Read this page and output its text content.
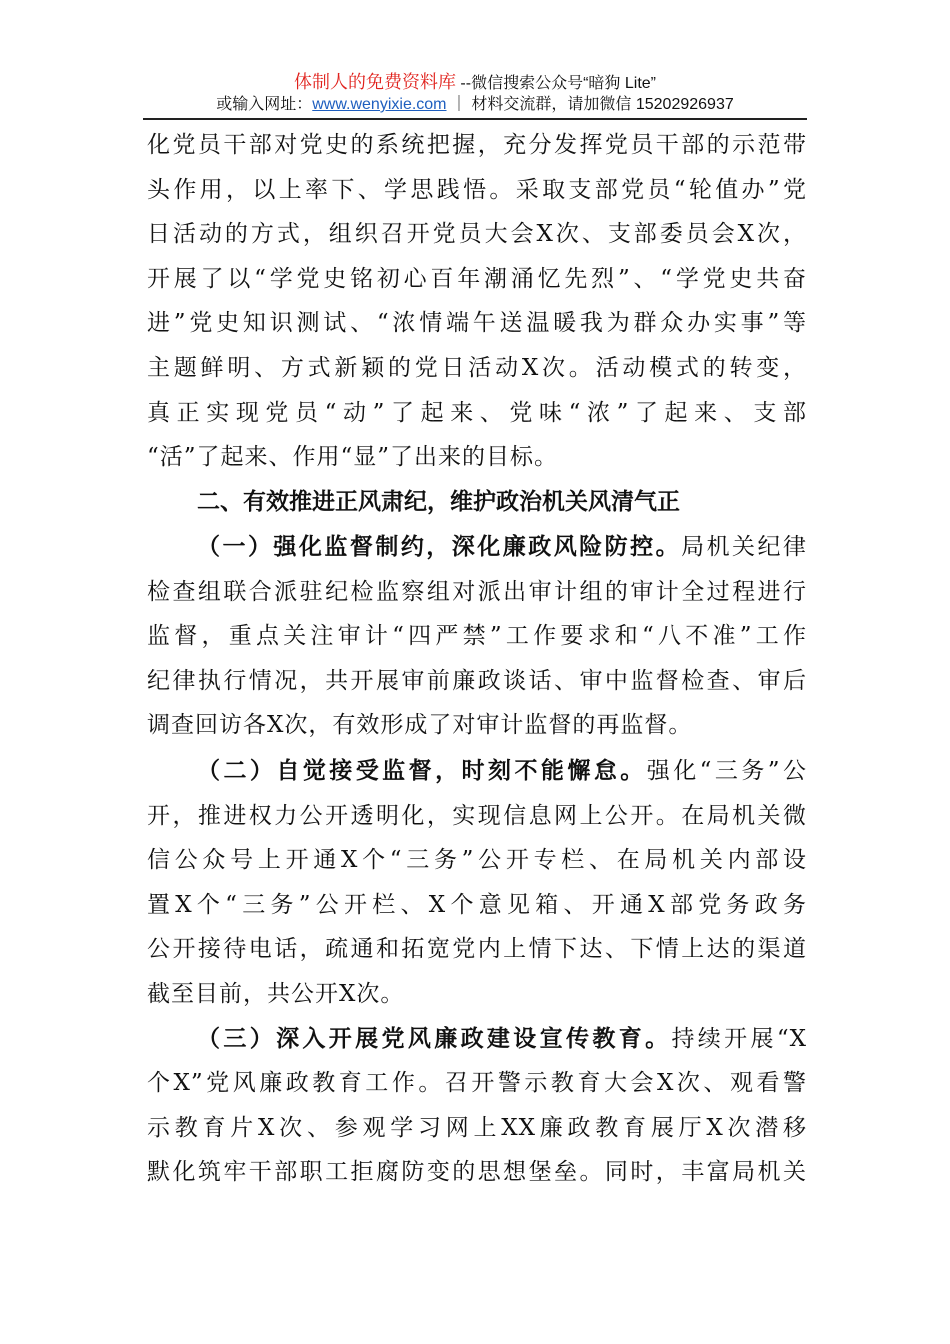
体制人的免费资料库 --微信搜索公众号“暗狗 Lite”
或输入网址：www.wenyixie.com ｜ 材料交流群，请加微信 15202926937
化党员干部对党史的系统把握，充分发挥党员干部的示范带
头作用，以上率下、学思践悟。采取支部党员“轮值办”党
日活动的方式，组织召开党员大会X次、支部委员会X次，
开展了以“学党史铭初心百年潮涌忆先烈”、“学党史共奋
进”党史知识测试、“浓情端午送温暖我为群众办实事”等
主题鲜明、方式新颖的党日活动X次。活动模式的转变，
真正实现党员“动”了起来、党味“浓”了起来、支部
“活”了起来、作用“显”了出来的目标。
二、有效推进正风肃纪，维护政治机关风清气正
（一）强化监督制约，深化廉政风险防控。局机关纪律
检查组联合派驻纪检监察组对派出审计组的审计全过程进行
监督，重点关注审计“四严禁”工作要求和“八不准”工作
纪律执行情况，共开展审前廉政谈话、审中监督检查、审后
调查回访各X次，有效形成了对审计监督的再监督。
（二）自觉接受监督，时刻不能懈怠。强化“三务”公
开，推进权力公开透明化，实现信息网上公开。在局机关微
信公众号上开通X个“三务”公开专栏、在局机关内部设
置X个“三务”公开栏、X个意见箱、开通X部党务政务
公开接待电话，疏通和拓宽党内上情下达、下情上达的渠道
截至目前，共公开X次。
（三）深入开展党风廉政建设宣传教育。持续开展“X
个X”党风廉政教育工作。召开警示教育大会X次、观看警
示教育片X次、参观学习网上XX廉政教育展厅X次潜移
默化筑牢干部职工拒腐防变的思想堡垒。同时，丰富局机关
